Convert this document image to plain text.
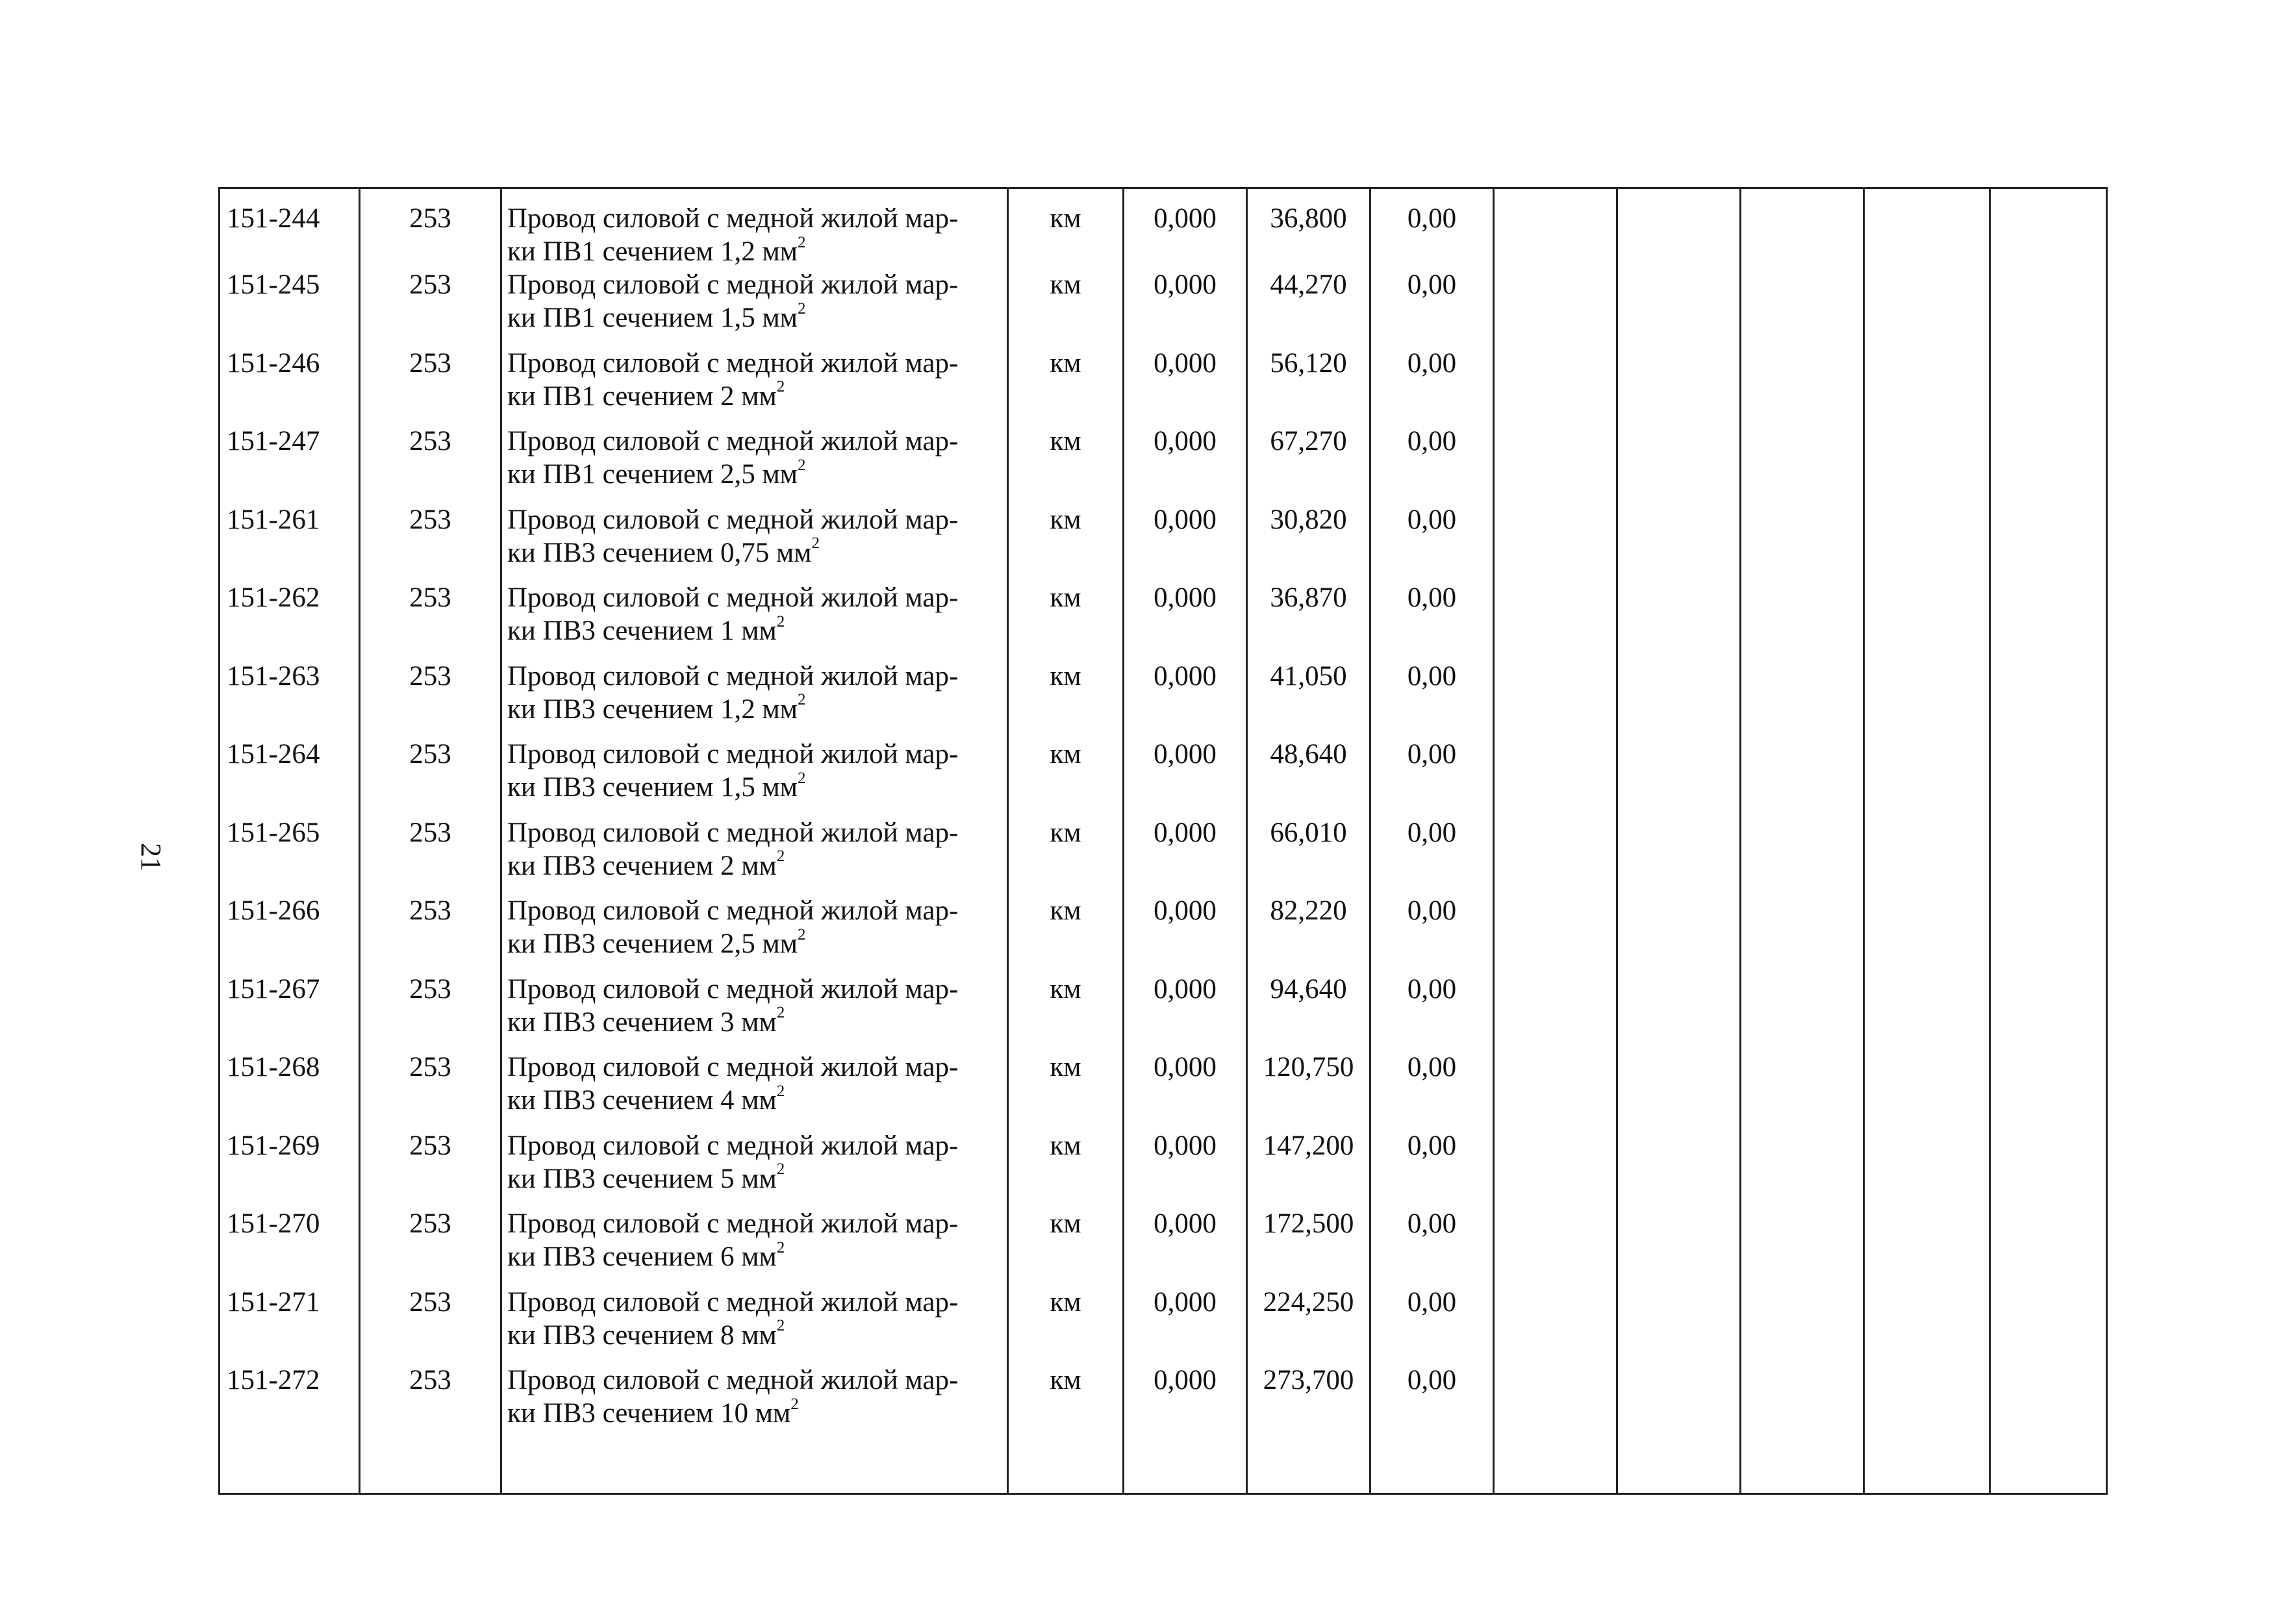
21
151-244	253	Провод силовой с медной жилой мар-
ки ПВ1 сечением 1,2 $мм^2$	км	0,000	36,800	0,00					
151-245	253	Провод силовой с медной жилой мар-
ки ПВ1 сечением 1,5 $мм^2$	км	0,000	44,270	0,00					
151-246	253	Провод силовой с медной жилой мар-
ки ПВ1 сечением 2 $мм^2$	км	0,000	56,120	0,00					
151-247	253	Провод силовой с медной жилой мар-
ки ПВ1 сечением 2,5 $мм^2$	км	0,000	67,270	0,00					
151-261	253	Провод силовой с медной жилой мар-
ки ПВ3 сечением 0,75 $мм^2$	км	0,000	30,820	0,00					
151-262	253	Провод силовой с медной жилой мар-
ки ПВ3 сечением 1 $мм^2$	км	0,000	36,870	0,00					
151-263	253	Провод силовой с медной жилой мар-
ки ПВ3 сечением 1,2 $мм^2$	км	0,000	41,050	0,00					
151-264	253	Провод силовой с медной жилой мар-
ки ПВ3 сечением 1,5 $мм^2$	км	0,000	48,640	0,00					
151-265	253	Провод силовой с медной жилой мар-
ки ПВ3 сечением 2 $мм^2$	км	0,000	66,010	0,00					
151-266	253	Провод силовой с медной жилой мар-
ки ПВ3 сечением 2,5 $мм^2$	км	0,000	82,220	0,00					
151-267	253	Провод силовой с медной жилой мар-
ки ПВ3 сечением 3 $мм^2$	км	0,000	94,640	0,00					
151-268	253	Провод силовой с медной жилой мар-
ки ПВ3 сечением 4 $мм^2$	км	0,000	120,750	0,00					
151-269	253	Провод силовой с медной жилой мар-
ки ПВ3 сечением 5 $мм^2$	км	0,000	147,200	0,00					
151-270	253	Провод силовой с медной жилой мар-
ки ПВ3 сечением 6 $мм^2$	км	0,000	172,500	0,00					
151-271	253	Провод силовой с медной жилой мар-
ки ПВ3 сечением 8 $мм^2$	км	0,000	224,250	0,00					
151-272	253	Провод силовой с медной жилой мар-
ки ПВ3 сечением 10 $мм^2$	км	0,000	273,700	0,00					
